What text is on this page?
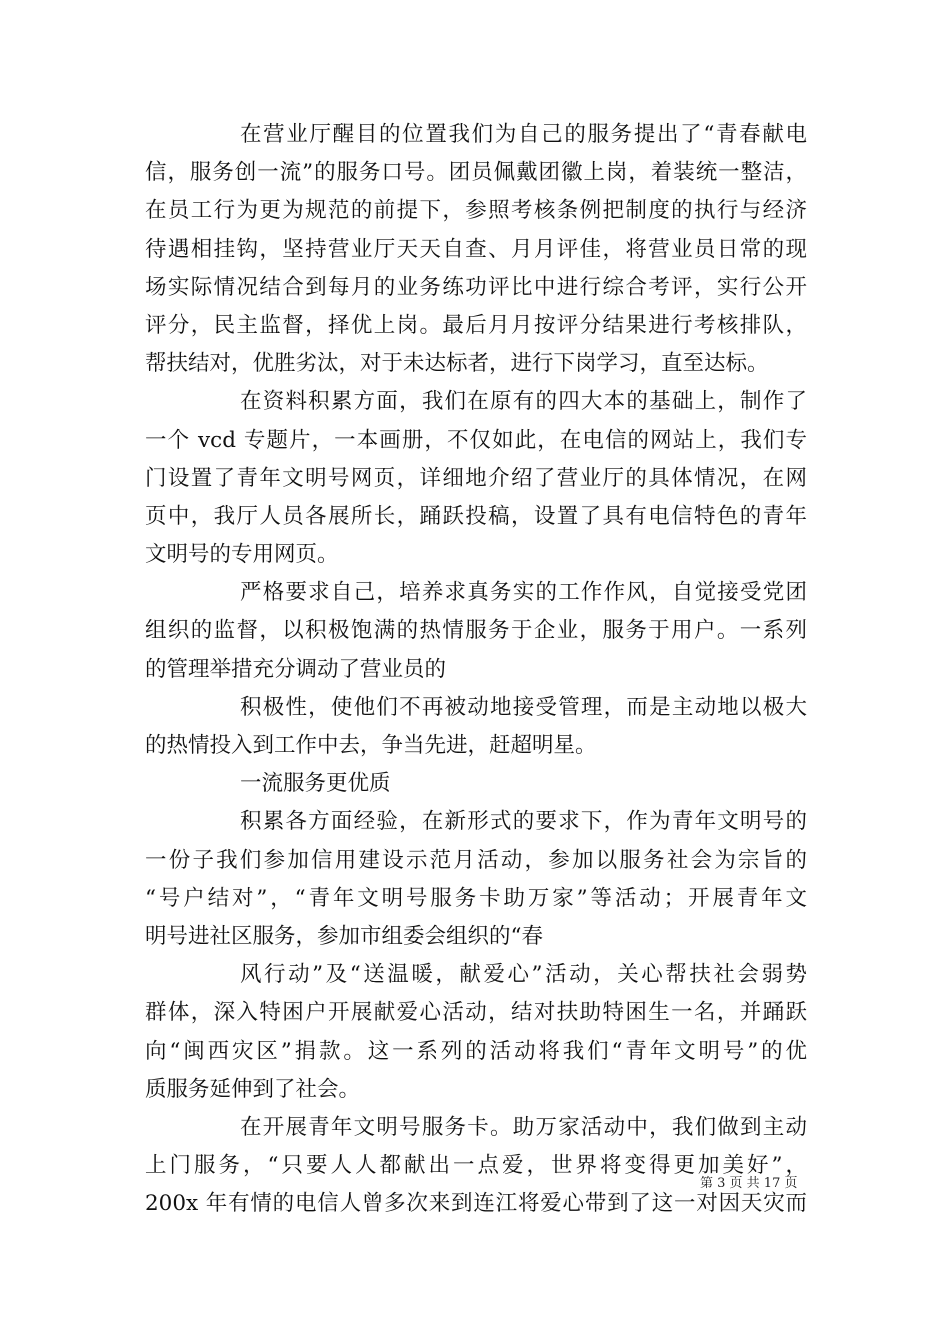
在营业厅醒目的位置我们为自己的服务提出了“青春献电
信，服务创一流”的服务口号。团员佩戴团徽上岗，着装统一整洁，
在员工行为更为规范的前提下，参照考核条例把制度的执行与经济
待遇相挂钩，坚持营业厅天天自查、月月评佳，将营业员日常的现
场实际情况结合到每月的业务练功评比中进行综合考评，实行公开
评分，民主监督，择优上岗。最后月月按评分结果进行考核排队，
帮扶结对，优胜劣汰，对于未达标者，进行下岗学习，直至达标。
在资料积累方面，我们在原有的四大本的基础上，制作了
一个 vcd 专题片，一本画册，不仅如此，在电信的网站上，我们专
门设置了青年文明号网页，详细地介绍了营业厅的具体情况，在网
页中，我厅人员各展所长，踊跃投稿，设置了具有电信特色的青年
文明号的专用网页。
严格要求自己，培养求真务实的工作作风，自觉接受党团
组织的监督，以积极饱满的热情服务于企业，服务于用户。一系列
的管理举措充分调动了营业员的
积极性，使他们不再被动地接受管理，而是主动地以极大
的热情投入到工作中去，争当先进，赶超明星。
一流服务更优质
积累各方面经验，在新形式的要求下，作为青年文明号的
一份子我们参加信用建设示范月活动，参加以服务社会为宗旨的
“号户结对”，“青年文明号服务卡助万家”等活动；开展青年文
明号进社区服务，参加市组委会组织的“春
风行动”及“送温暖，献爱心”活动，关心帮扶社会弱势
群体，深入特困户开展献爱心活动，结对扶助特困生一名，并踊跃
向“闽西灾区”捐款。这一系列的活动将我们“青年文明号”的优
质服务延伸到了社会。
在开展青年文明号服务卡。助万家活动中，我们做到主动
上门服务，“只要人人都献出一点爱，世界将变得更加美好”，
200x 年有情的电信人曾多次来到连江将爱心带到了这一对因天灾而
第 3 页 共 17 页
